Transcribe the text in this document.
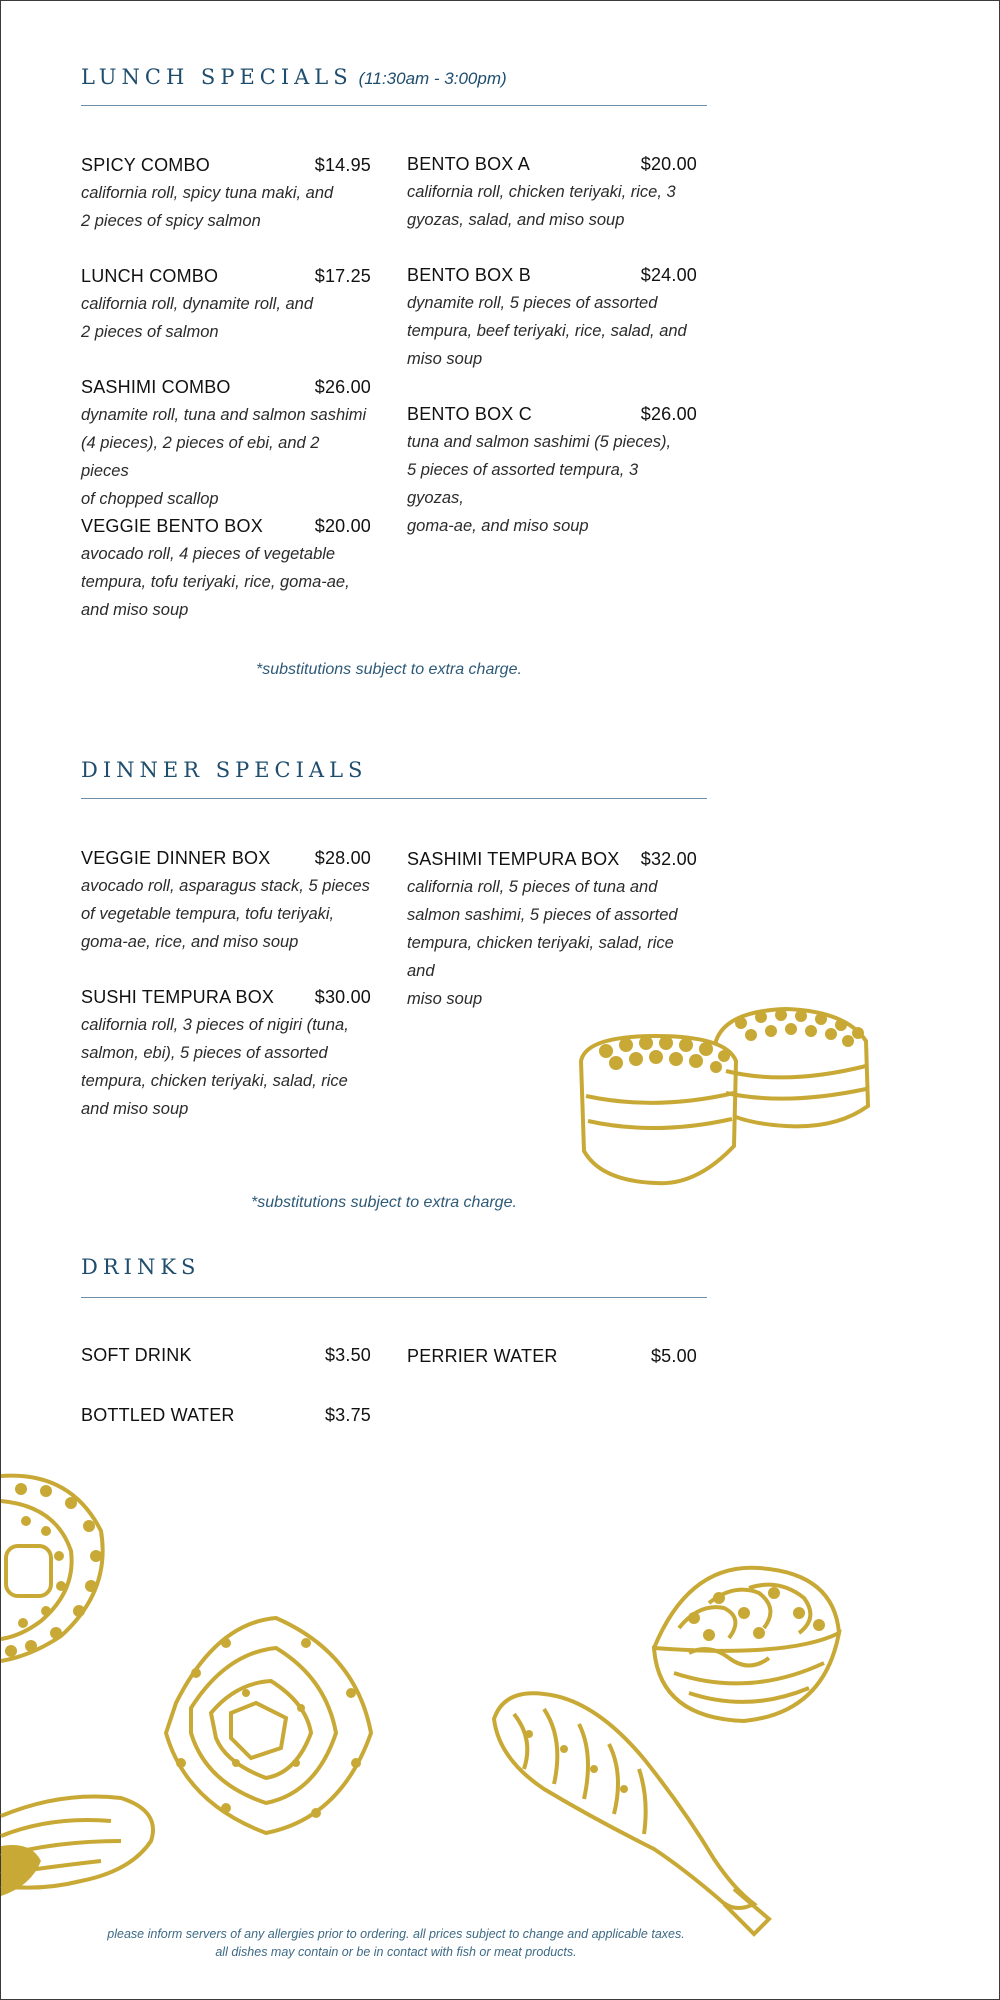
LUNCH SPECIALS (11:30am - 3:00pm)
SPICY COMBO	$14.95
california roll, spicy tuna maki, and
2 pieces of spicy salmon
LUNCH COMBO	$17.25
california roll, dynamite roll, and
2 pieces of salmon
SASHIMI COMBO	$26.00
dynamite roll, tuna and salmon sashimi
(4 pieces), 2 pieces of ebi, and 2 pieces
of chopped scallop
VEGGIE BENTO BOX	$20.00
avocado roll, 4 pieces of vegetable
tempura, tofu teriyaki, rice, goma-ae,
and miso soup
BENTO BOX A	$20.00
california roll, chicken teriyaki, rice, 3
gyozas, salad, and miso soup
BENTO BOX B	$24.00
dynamite roll, 5 pieces of assorted
tempura, beef teriyaki, rice, salad, and
miso soup
BENTO BOX C	$26.00
tuna and salmon sashimi (5 pieces),
5 pieces of assorted tempura, 3 gyozas,
goma-ae, and miso soup
*substitutions subject to extra charge.
DINNER SPECIALS
VEGGIE DINNER BOX $28.00
avocado roll, asparagus stack, 5 pieces
of vegetable tempura, tofu teriyaki,
goma-ae, rice, and miso soup
SUSHI TEMPURA BOX $30.00
california roll, 3 pieces of nigiri (tuna,
salmon, ebi), 5 pieces of assorted
tempura, chicken teriyaki, salad, rice
and miso soup
SASHIMI TEMPURA BOX $32.00
california roll, 5 pieces of tuna and
salmon sashimi, 5 pieces of assorted
tempura, chicken teriyaki, salad, rice and
miso soup
*substitutions subject to extra charge.
DRINKS
SOFT DRINK	$3.50
BOTTLED WATER	$3.75
PERRIER WATER	$5.00
please inform servers of any allergies prior to ordering. all prices subject to change and applicable taxes.
all dishes may contain or be in contact with fish or meat products.
